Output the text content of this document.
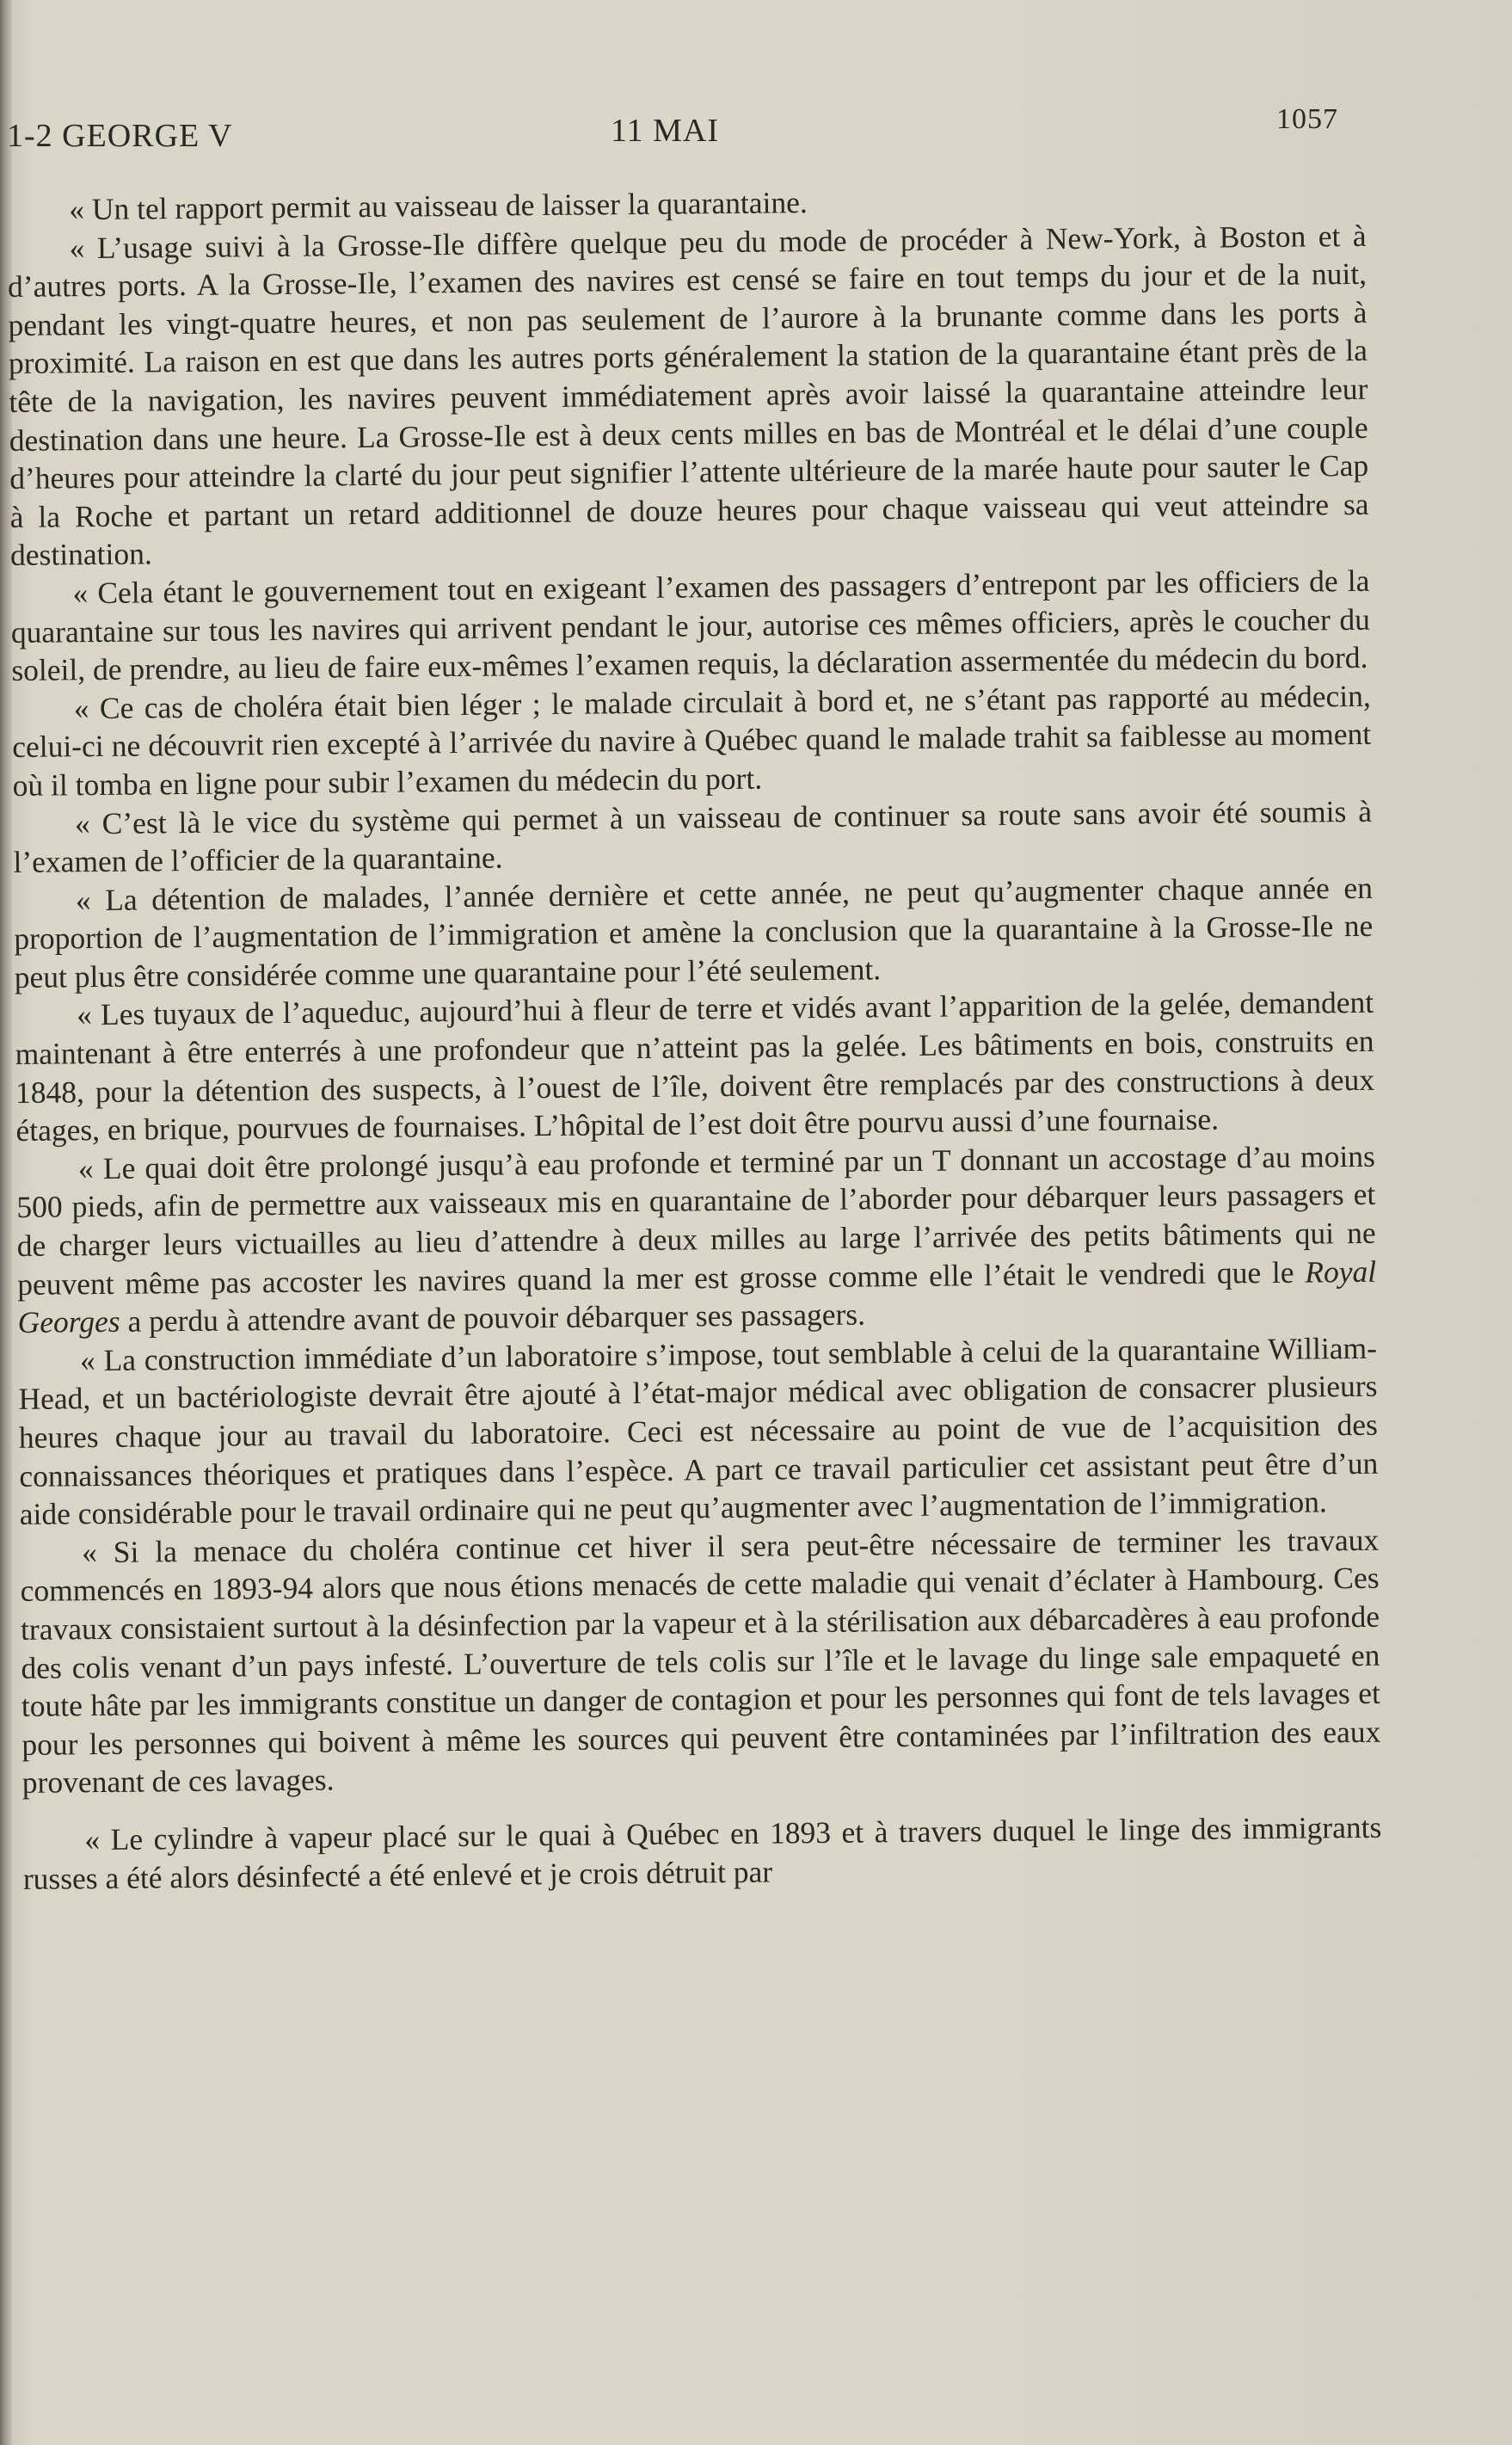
1-2 GEORGE V	11 MAI	1057

« Un tel rapport permit au vaisseau de laisser la quarantaine.

« L’usage suivi à la Grosse-Ile diffère quelque peu du mode de procéder à New-York, à Boston et à d’autres ports. A la Grosse-Ile, l’examen des navires est censé se faire en tout temps du jour et de la nuit, pendant les vingt-quatre heures, et non pas seulement de l’aurore à la brunante comme dans les ports à proximité. La raison en est que dans les autres ports généralement la station de la quarantaine étant près de la tête de la navigation, les navires peuvent immédiatement après avoir laissé la quarantaine atteindre leur destination dans une heure. La Grosse-Ile est à deux cents milles en bas de Montréal et le délai d’une couple d’heures pour atteindre la clarté du jour peut signifier l’attente ultérieure de la marée haute pour sauter le Cap à la Roche et partant un retard additionnel de douze heures pour chaque vaisseau qui veut atteindre sa destination.

« Cela étant le gouvernement tout en exigeant l’examen des passagers d’entrepont par les officiers de la quarantaine sur tous les navires qui arrivent pendant le jour, autorise ces mêmes officiers, après le coucher du soleil, de prendre, au lieu de faire eux-mêmes l’examen requis, la déclaration assermentée du médecin du bord.

« Ce cas de choléra était bien léger ; le malade circulait à bord et, ne s’étant pas rapporté au médecin, celui-ci ne découvrit rien excepté à l’arrivée du navire à Québec quand le malade trahit sa faiblesse au moment où il tomba en ligne pour subir l’examen du médecin du port.

« C’est là le vice du système qui permet à un vaisseau de continuer sa route sans avoir été soumis à l’examen de l’officier de la quarantaine.

« La détention de malades, l’année dernière et cette année, ne peut qu’augmenter chaque année en proportion de l’augmentation de l’immigration et amène la conclusion que la quarantaine à la Grosse-Ile ne peut plus être considérée comme une quarantaine pour l’été seulement.

« Les tuyaux de l’aqueduc, aujourd’hui à fleur de terre et vidés avant l’apparition de la gelée, demandent maintenant à être enterrés à une profondeur que n’atteint pas la gelée. Les bâtiments en bois, construits en 1848, pour la détention des suspects, à l’ouest de l’île, doivent être remplacés par des constructions à deux étages, en brique, pourvues de fournaises. L’hôpital de l’est doit être pourvu aussi d’une fournaise.

« Le quai doit être prolongé jusqu’à eau profonde et terminé par un T donnant un accostage d’au moins 500 pieds, afin de permettre aux vaisseaux mis en quarantaine de l’aborder pour débarquer leurs passagers et de charger leurs victuailles au lieu d’attendre à deux milles au large l’arrivée des petits bâtiments qui ne peuvent même pas accoster les navires quand la mer est grosse comme elle l’était le vendredi que le Royal Georges a perdu à attendre avant de pouvoir débarquer ses passagers.

« La construction immédiate d’un laboratoire s’impose, tout semblable à celui de la quarantaine William-Head, et un bactériologiste devrait être ajouté à l’état-major médical avec obligation de consacrer plusieurs heures chaque jour au travail du laboratoire. Ceci est nécessaire au point de vue de l’acquisition des connaissances théoriques et pratiques dans l’espèce. A part ce travail particulier cet assistant peut être d’un aide considérable pour le travail ordinaire qui ne peut qu’augmenter avec l’augmentation de l’immigration.

« Si la menace du choléra continue cet hiver il sera peut-être nécessaire de terminer les travaux commencés en 1893-94 alors que nous étions menacés de cette maladie qui venait d’éclater à Hambourg. Ces travaux consistaient surtout à la désinfection par la vapeur et à la stérilisation aux débarcadères à eau profonde des colis venant d’un pays infesté. L’ouverture de tels colis sur l’île et le lavage du linge sale empaqueté en toute hâte par les immigrants constitue un danger de contagion et pour les personnes qui font de tels lavages et pour les personnes qui boivent à même les sources qui peuvent être contaminées par l’infiltration des eaux provenant de ces lavages.

« Le cylindre à vapeur placé sur le quai à Québec en 1893 et à travers duquel le linge des immigrants russes a été alors désinfecté a été enlevé et je crois détruit par
